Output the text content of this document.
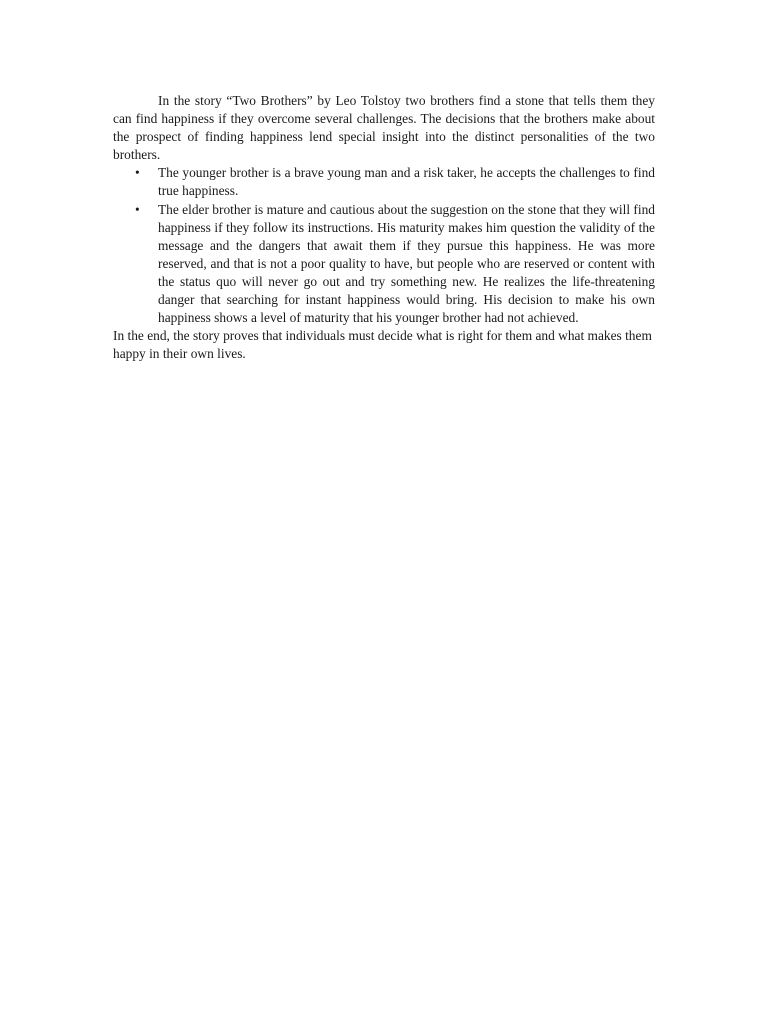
In the story “Two Brothers” by Leo Tolstoy two brothers find a stone that tells them they can find happiness if they overcome several challenges. The decisions that the brothers make about the prospect of finding happiness lend special insight into the distinct personalities of the two brothers.

• The younger brother is a brave young man and a risk taker, he accepts the challenges to find true happiness.
• The elder brother is mature and cautious about the suggestion on the stone that they will find happiness if they follow its instructions. His maturity makes him question the validity of the message and the dangers that await them if they pursue this happiness. He was more reserved, and that is not a poor quality to have, but people who are reserved or content with the status quo will never go out and try something new. He realizes the life-threatening danger that searching for instant happiness would bring. His decision to make his own happiness shows a level of maturity that his younger brother had not achieved.

In the end, the story proves that individuals must decide what is right for them and what makes them happy in their own lives.
